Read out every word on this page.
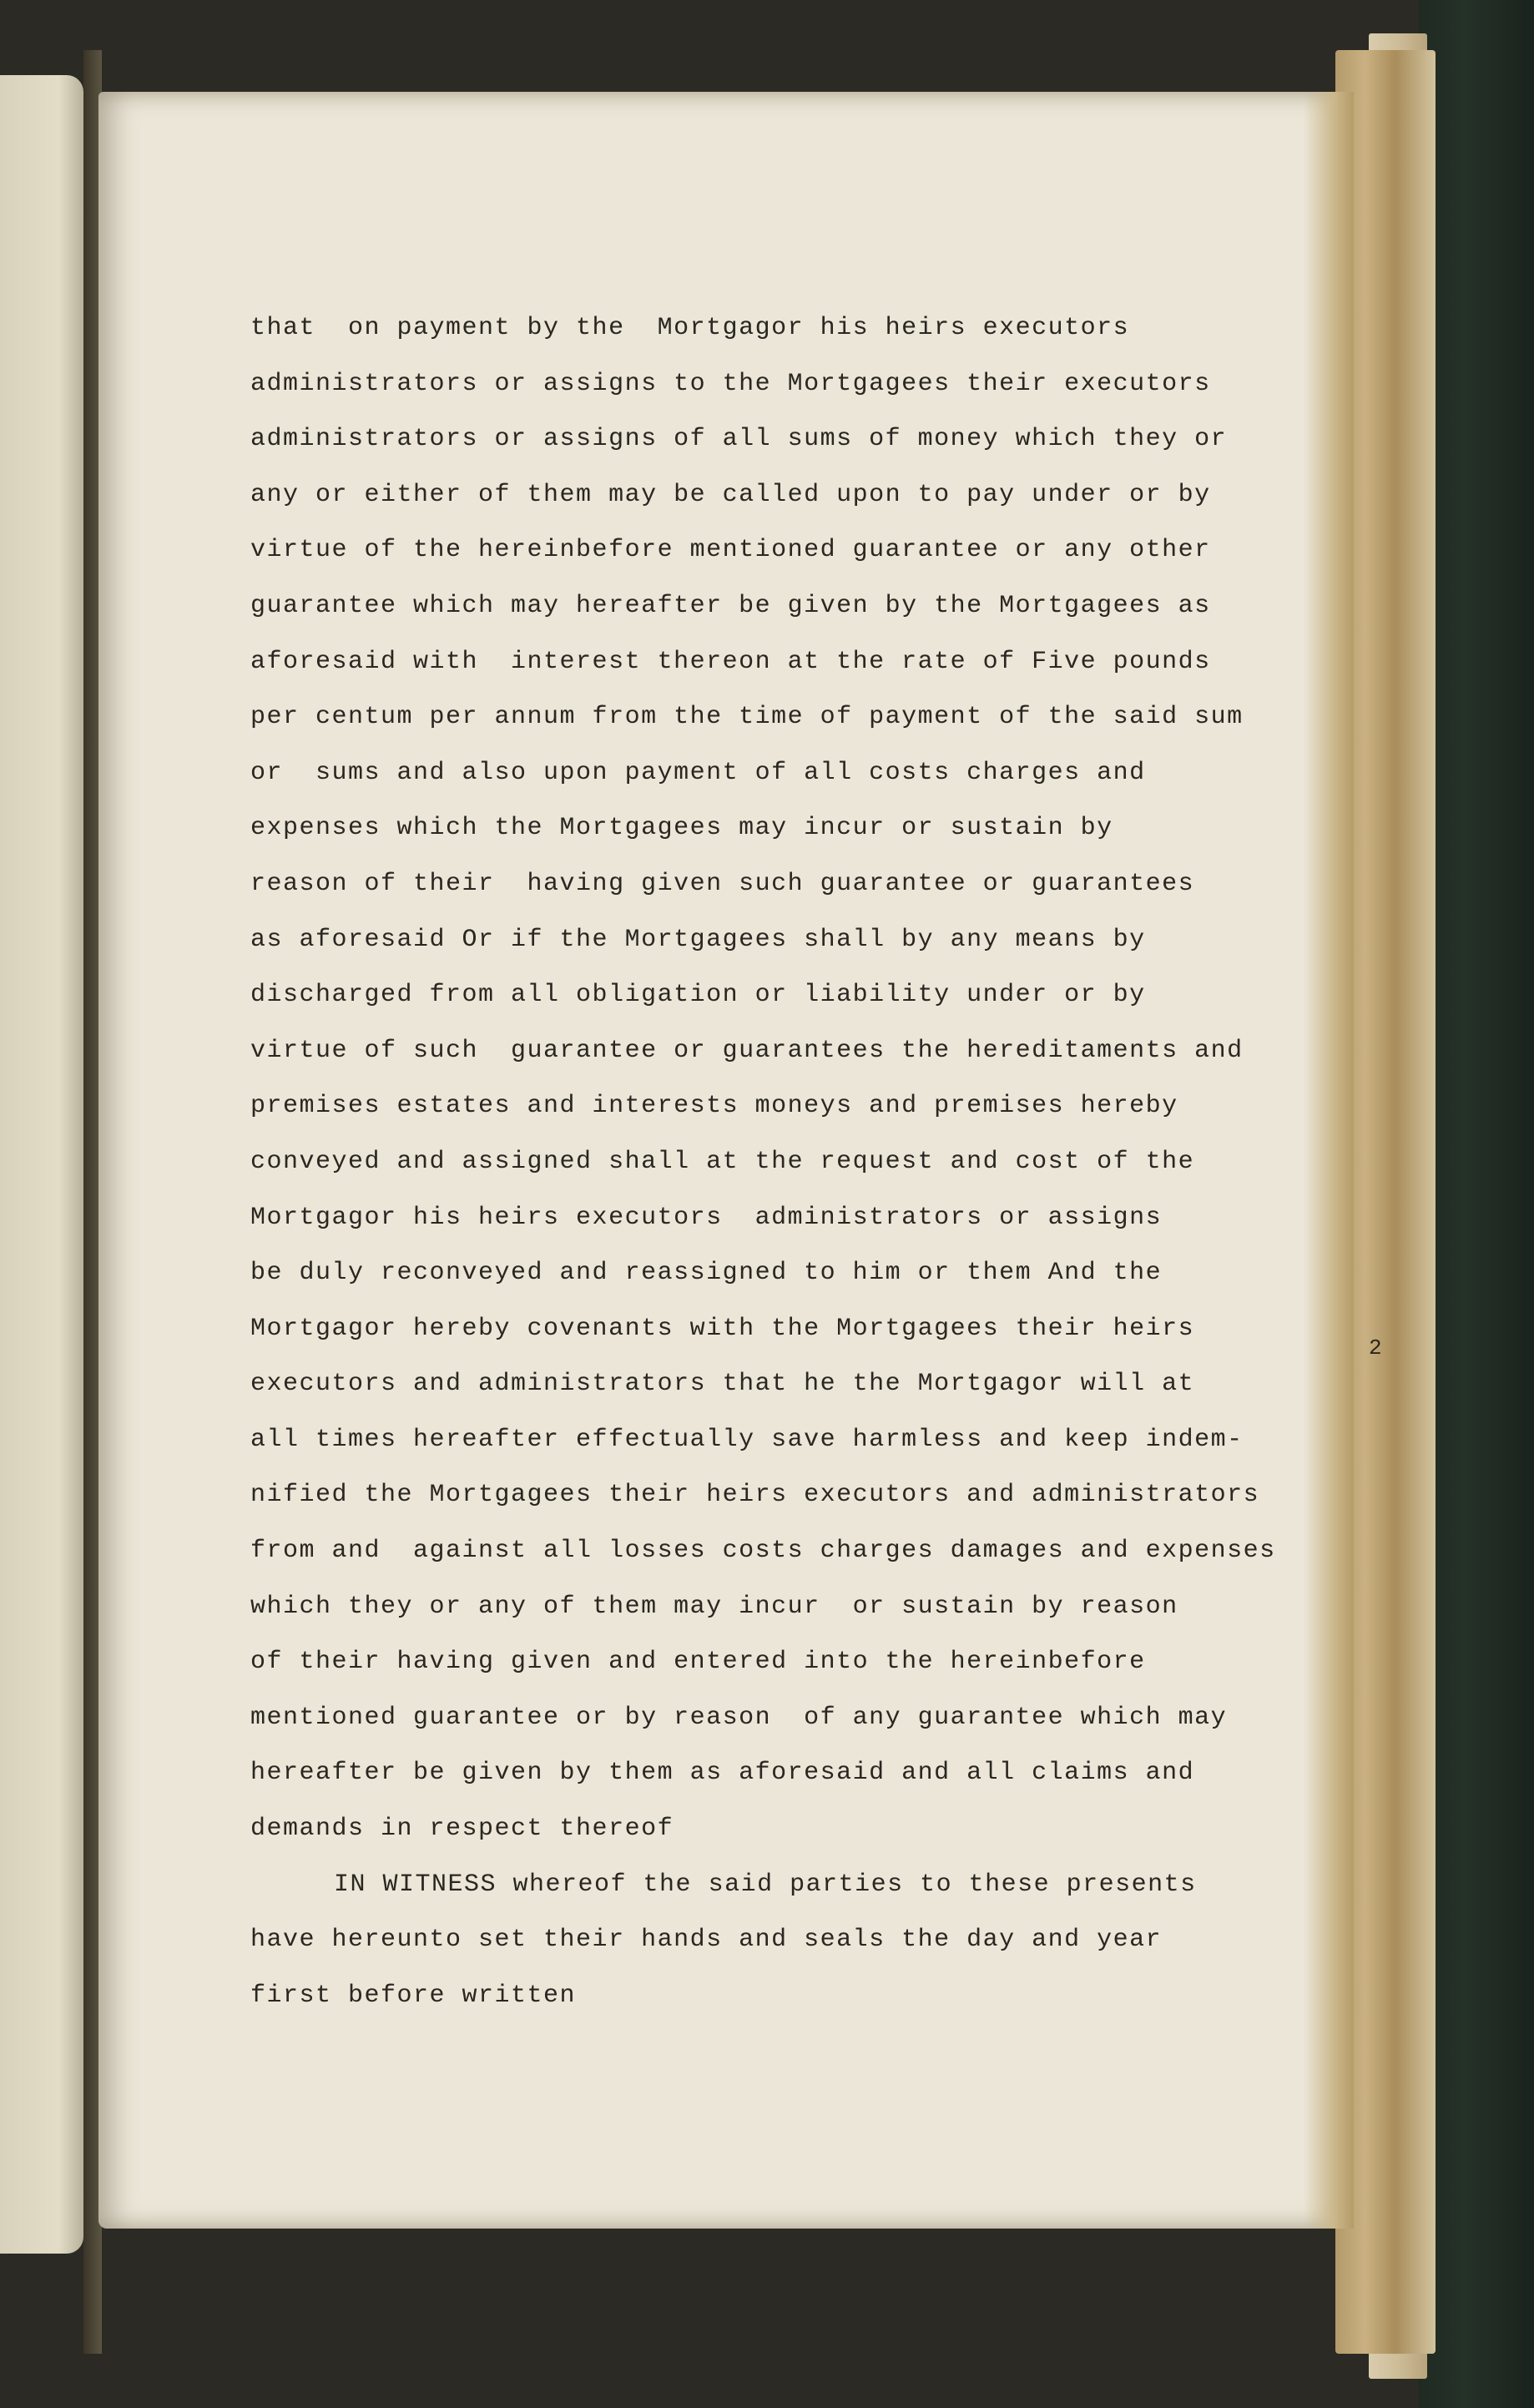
2
that  on payment by the  Mortgagor his heirs executors
administrators or assigns to the Mortgagees their executors
administrators or assigns of all sums of money which they or
any or either of them may be called upon to pay under or by
virtue of the hereinbefore mentioned guarantee or any other
guarantee which may hereafter be given by the Mortgagees as
aforesaid with  interest thereon at the rate of Five pounds
per centum per annum from the time of payment of the said sum
or  sums and also upon payment of all costs charges and
expenses which the Mortgagees may incur or sustain by
reason of their  having given such guarantee or guarantees
as aforesaid Or if the Mortgagees shall by any means by
discharged from all obligation or liability under or by
virtue of such  guarantee or guarantees the hereditaments and
premises estates and interests moneys and premises hereby
conveyed and assigned shall at the request and cost of the
Mortgagor his heirs executors  administrators or assigns
be duly reconveyed and reassigned to him or them And the
Mortgagor hereby covenants with the Mortgagees their heirs
executors and administrators that he the Mortgagor will at
all times hereafter effectually save harmless and keep indem-
nified the Mortgagees their heirs executors and administrators
from and  against all losses costs charges damages and expenses
which they or any of them may incur  or sustain by reason
of their having given and entered into the hereinbefore
mentioned guarantee or by reason  of any guarantee which may
hereafter be given by them as aforesaid and all claims and
demands in respect thereof
IN WITNESS whereof the said parties to these presents
have hereunto set their hands and seals the day and year
first before written
